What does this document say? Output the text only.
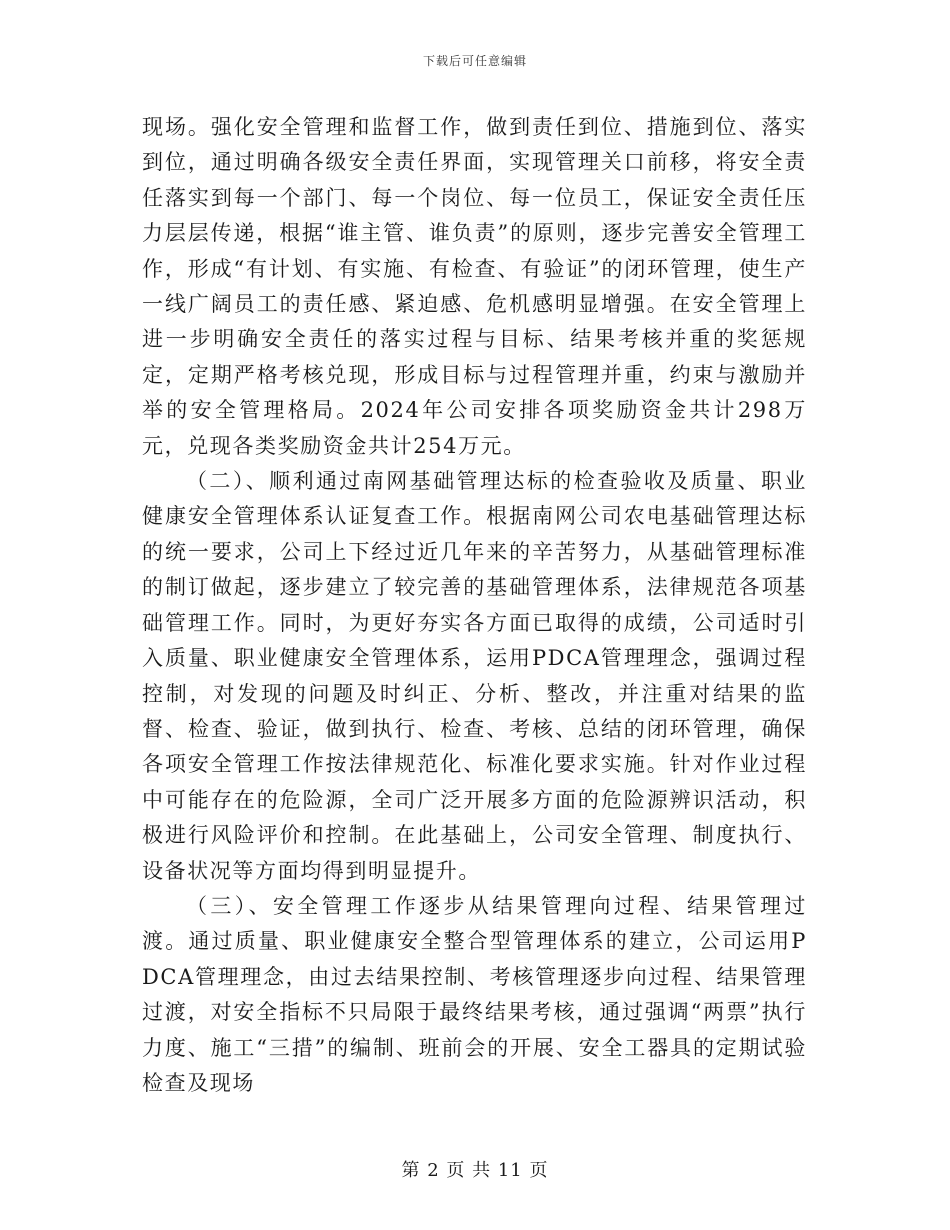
下载后可任意编辑

现场。强化安全管理和监督工作，做到责任到位、措施到位、落实到位，通过明确各级安全责任界面，实现管理关口前移，将安全责任落实到每一个部门、每一个岗位、每一位员工，保证安全责任压力层层传递，根据“谁主管、谁负责”的原则，逐步完善安全管理工作，形成“有计划、有实施、有检查、有验证”的闭环管理，使生产一线广阔员工的责任感、紧迫感、危机感明显增强。在安全管理上进一步明确安全责任的落实过程与目标、结果考核并重的奖惩规定，定期严格考核兑现，形成目标与过程管理并重，约束与激励并举的安全管理格局。2024年公司安排各项奖励资金共计298万元，兑现各类奖励资金共计254万元。

（二）、顺利通过南网基础管理达标的检查验收及质量、职业健康安全管理体系认证复查工作。根据南网公司农电基础管理达标的统一要求，公司上下经过近几年来的辛苦努力，从基础管理标准的制订做起，逐步建立了较完善的基础管理体系，法律规范各项基础管理工作。同时，为更好夯实各方面已取得的成绩，公司适时引入质量、职业健康安全管理体系，运用PDCA管理理念，强调过程控制，对发现的问题及时纠正、分析、整改，并注重对结果的监督、检查、验证，做到执行、检查、考核、总结的闭环管理，确保各项安全管理工作按法律规范化、标准化要求实施。针对作业过程中可能存在的危险源，全司广泛开展多方面的危险源辨识活动，积极进行风险评价和控制。在此基础上，公司安全管理、制度执行、设备状况等方面均得到明显提升。

（三）、安全管理工作逐步从结果管理向过程、结果管理过渡。通过质量、职业健康安全整合型管理体系的建立，公司运用PDCA管理理念，由过去结果控制、考核管理逐步向过程、结果管理过渡，对安全指标不只局限于最终结果考核，通过强调“两票”执行力度、施工“三措”的编制、班前会的开展、安全工器具的定期试验检查及现场

第 2 页 共 11 页
